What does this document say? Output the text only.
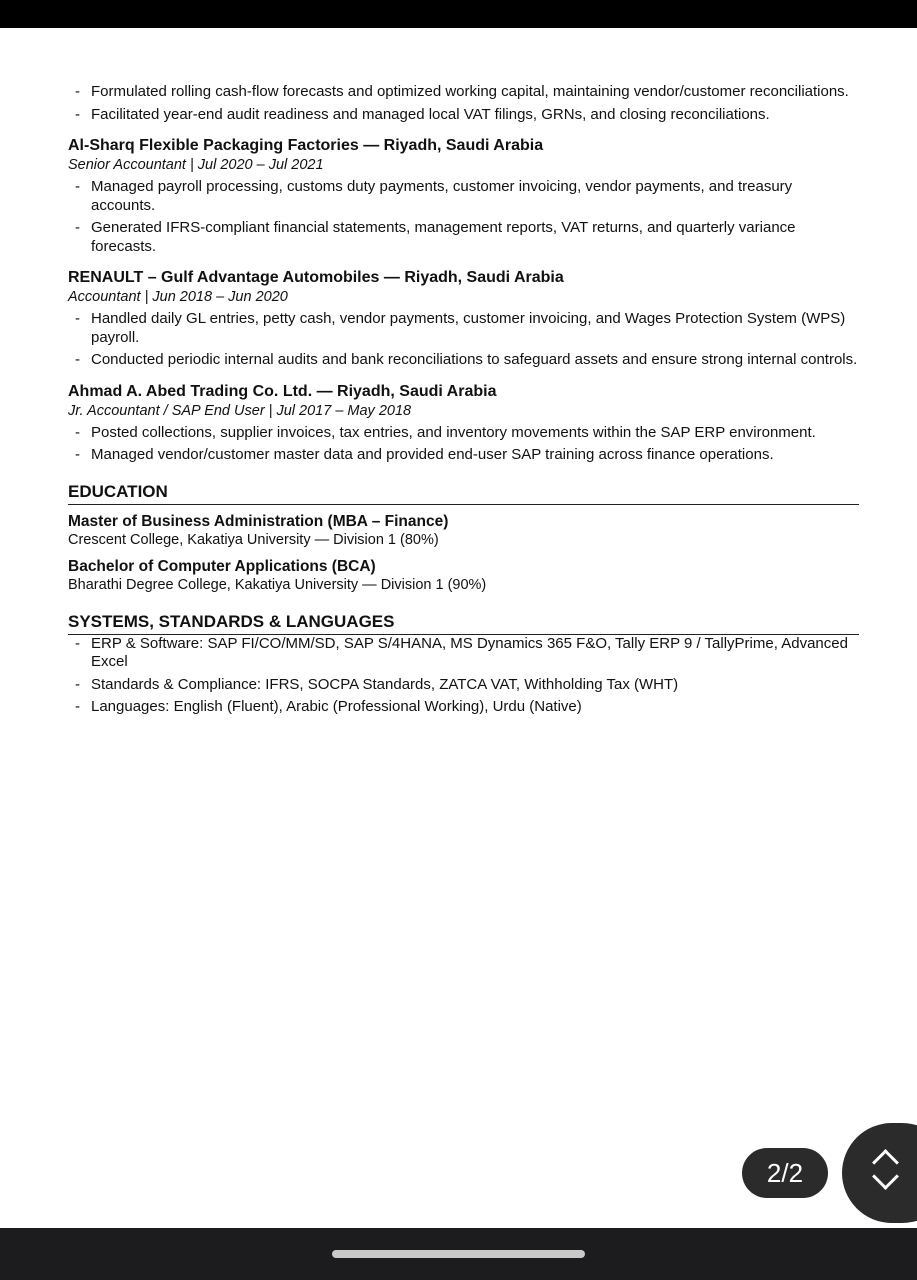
- Formulated rolling cash-flow forecasts and optimized working capital, maintaining vendor/customer reconciliations.
- Facilitated year-end audit readiness and managed local VAT filings, GRNs, and closing reconciliations.
Al-Sharq Flexible Packaging Factories — Riyadh, Saudi Arabia
Senior Accountant | Jul 2020 – Jul 2021
- Managed payroll processing, customs duty payments, customer invoicing, vendor payments, and treasury accounts.
- Generated IFRS-compliant financial statements, management reports, VAT returns, and quarterly variance forecasts.
RENAULT – Gulf Advantage Automobiles — Riyadh, Saudi Arabia
Accountant | Jun 2018 – Jun 2020
- Handled daily GL entries, petty cash, vendor payments, customer invoicing, and Wages Protection System (WPS) payroll.
- Conducted periodic internal audits and bank reconciliations to safeguard assets and ensure strong internal controls.
Ahmad A. Abed Trading Co. Ltd. — Riyadh, Saudi Arabia
Jr. Accountant / SAP End User | Jul 2017 – May 2018
- Posted collections, supplier invoices, tax entries, and inventory movements within the SAP ERP environment.
- Managed vendor/customer master data and provided end-user SAP training across finance operations.
EDUCATION
Master of Business Administration (MBA – Finance)
Crescent College, Kakatiya University — Division 1 (80%)
Bachelor of Computer Applications (BCA)
Bharathi Degree College, Kakatiya University — Division 1 (90%)
SYSTEMS, STANDARDS & LANGUAGES
- ERP & Software: SAP FI/CO/MM/SD, SAP S/4HANA, MS Dynamics 365 F&O, Tally ERP 9 / TallyPrime, Advanced Excel
- Standards & Compliance: IFRS, SOCPA Standards, ZATCA VAT, Withholding Tax (WHT)
- Languages: English (Fluent), Arabic (Professional Working), Urdu (Native)
2/2
